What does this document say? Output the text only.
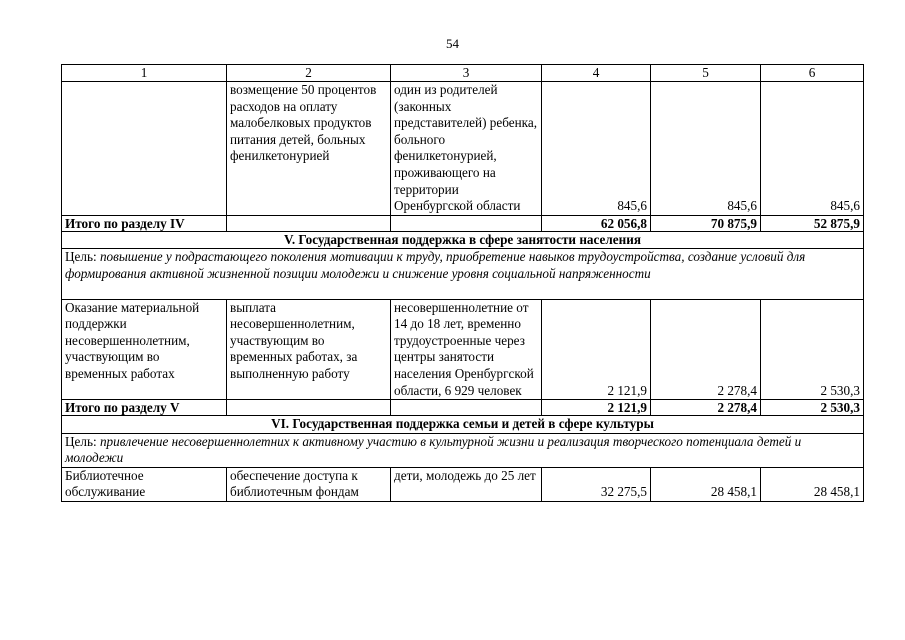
54
1	2	3	4	5	6
	возмещение 50 процентов расходов на оплату малобелковых продуктов питания детей, больных фенилкетонурией	один из родителей (законных представителей) ребенка, больного фенилкетонурией, проживающего на территории Оренбургской области	845,6	845,6	845,6
Итого по разделу IV			62 056,8	70 875,9	52 875,9
V. Государственная поддержка в сфере занятости населения					
Цель: повышение у подрастающего поколения мотивации к труду, приобретение навыков трудоустройства, создание условий для формирования активной жизненной позиции молодежи и снижение уровня социальной напряженности					
Оказание материальной поддержки несовершеннолетним, участвующим во временных работах	выплата несовершеннолетним, участвующим во временных работах, за выполненную работу	несовершеннолетние от 14 до 18 лет, временно трудоустроенные через центры занятости населения Оренбургской области, 6 929 человек	2 121,9	2 278,4	2 530,3
Итого по разделу V			2 121,9	2 278,4	2 530,3
VI. Государственная поддержка семьи и детей в сфере культуры					
Цель: привлечение несовершеннолетних к активному участию в культурной жизни и реализация творческого потенциала детей и молодежи					
Библиотечное обслуживание	обеспечение доступа к библиотечным фондам	дети, молодежь до 25 лет	32 275,5	28 458,1	28 458,1
